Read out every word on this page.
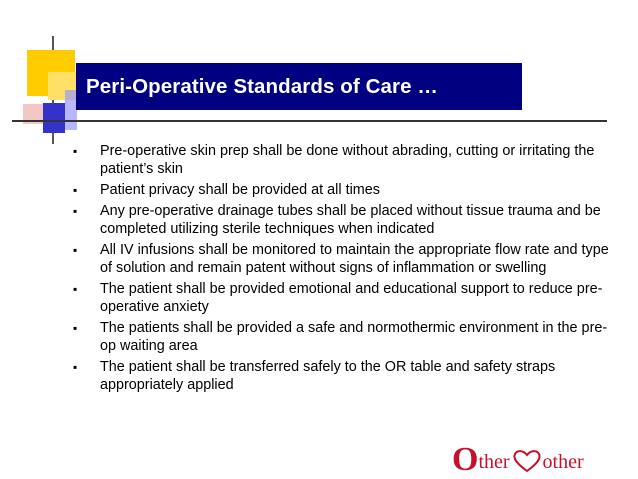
Peri-Operative Standards of Care …
▪ Pre-operative skin prep shall be done without abrading, cutting or irritating the patient’s skin
▪ Patient privacy shall be provided at all times
▪ Any pre-operative drainage tubes shall be placed without tissue trauma and be completed utilizing sterile techniques when indicated
▪ All IV infusions shall be monitored to maintain the appropriate flow rate and type of solution and remain patent without signs of inflammation or swelling
▪ The patient shall be provided emotional and educational support to reduce pre-operative anxiety
▪ The patients shall be provided a safe and normothermic environment in the pre-op waiting area
▪ The patient shall be transferred safely to the OR table and safety straps appropriately applied
O ther other
